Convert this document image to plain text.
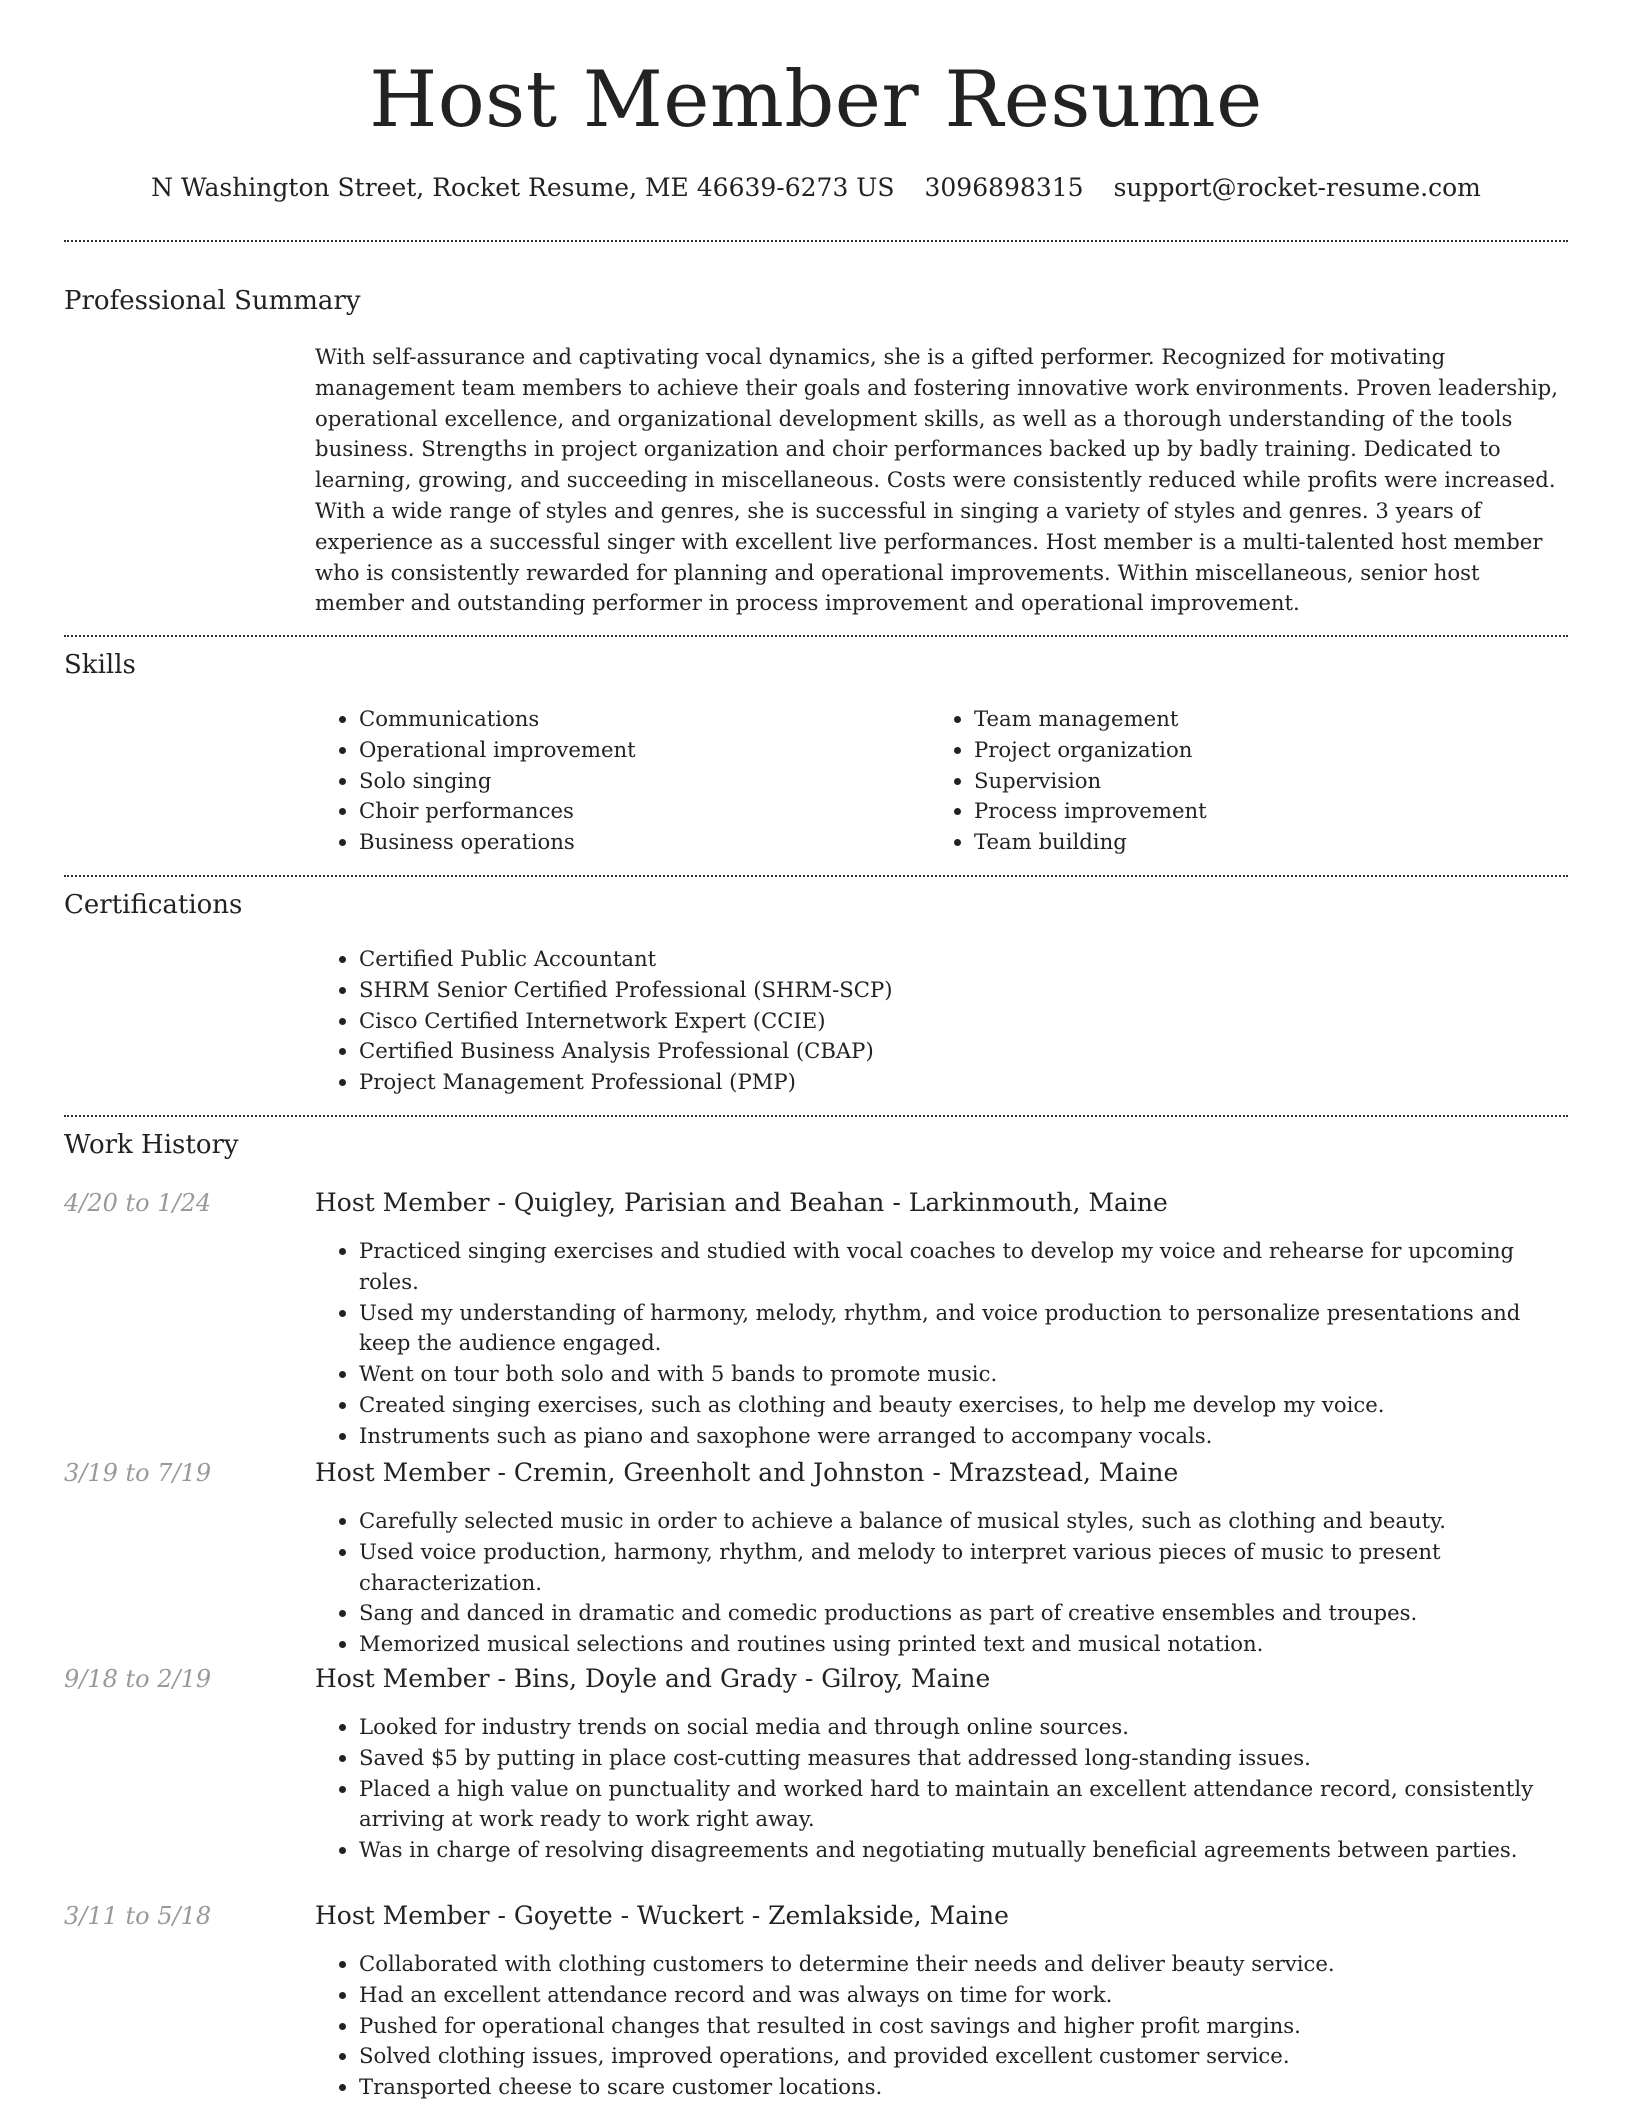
Host Member Resume
N Washington Street, Rocket Resume, ME 46639-6273 US 3096898315 support@rocket-resume.com
Professional Summary

With self-assurance and captivating vocal dynamics, she is a gifted performer. Recognized for motivating management team members to achieve their goals and fostering innovative work environments. Proven leadership, operational excellence, and organizational development skills, as well as a thorough understanding of the tools business. Strengths in project organization and choir performances backed up by badly training. Dedicated to learning, growing, and succeeding in miscellaneous. Costs were consistently reduced while profits were increased. With a wide range of styles and genres, she is successful in singing a variety of styles and genres. 3 years of experience as a successful singer with excellent live performances. Host member is a multi-talented host member who is consistently rewarded for planning and operational improvements. Within miscellaneous, senior host member and outstanding performer in process improvement and operational improvement.

Skills
• Communications
• Operational improvement
• Solo singing
• Choir performances
• Business operations
• Team management
• Project organization
• Supervision
• Process improvement
• Team building
Certifications
• Certified Public Accountant
• SHRM Senior Certified Professional (SHRM-SCP)
• Cisco Certified Internetwork Expert (CCIE)
• Certified Business Analysis Professional (CBAP)
• Project Management Professional (PMP)
Work History
4/20 to 1/24	Host Member - Quigley, Parisian and Beahan - Larkinmouth, Maine
• Practiced singing exercises and studied with vocal coaches to develop my voice and rehearse for upcoming roles.
• Used my understanding of harmony, melody, rhythm, and voice production to personalize presentations and keep the audience engaged.
• Went on tour both solo and with 5 bands to promote music.
• Created singing exercises, such as clothing and beauty exercises, to help me develop my voice.
• Instruments such as piano and saxophone were arranged to accompany vocals.
3/19 to 7/19	Host Member - Cremin, Greenholt and Johnston - Mrazstead, Maine
• Carefully selected music in order to achieve a balance of musical styles, such as clothing and beauty.
• Used voice production, harmony, rhythm, and melody to interpret various pieces of music to present characterization.
• Sang and danced in dramatic and comedic productions as part of creative ensembles and troupes.
• Memorized musical selections and routines using printed text and musical notation.
9/18 to 2/19	Host Member - Bins, Doyle and Grady - Gilroy, Maine
• Looked for industry trends on social media and through online sources.
• Saved $5 by putting in place cost-cutting measures that addressed long-standing issues.
• Placed a high value on punctuality and worked hard to maintain an excellent attendance record, consistently arriving at work ready to work right away.
• Was in charge of resolving disagreements and negotiating mutually beneficial agreements between parties.
3/11 to 5/18	Host Member - Goyette - Wuckert - Zemlakside, Maine
• Collaborated with clothing customers to determine their needs and deliver beauty service.
• Had an excellent attendance record and was always on time for work.
• Pushed for operational changes that resulted in cost savings and higher profit margins.
• Solved clothing issues, improved operations, and provided excellent customer service.
• Transported cheese to scare customer locations.
